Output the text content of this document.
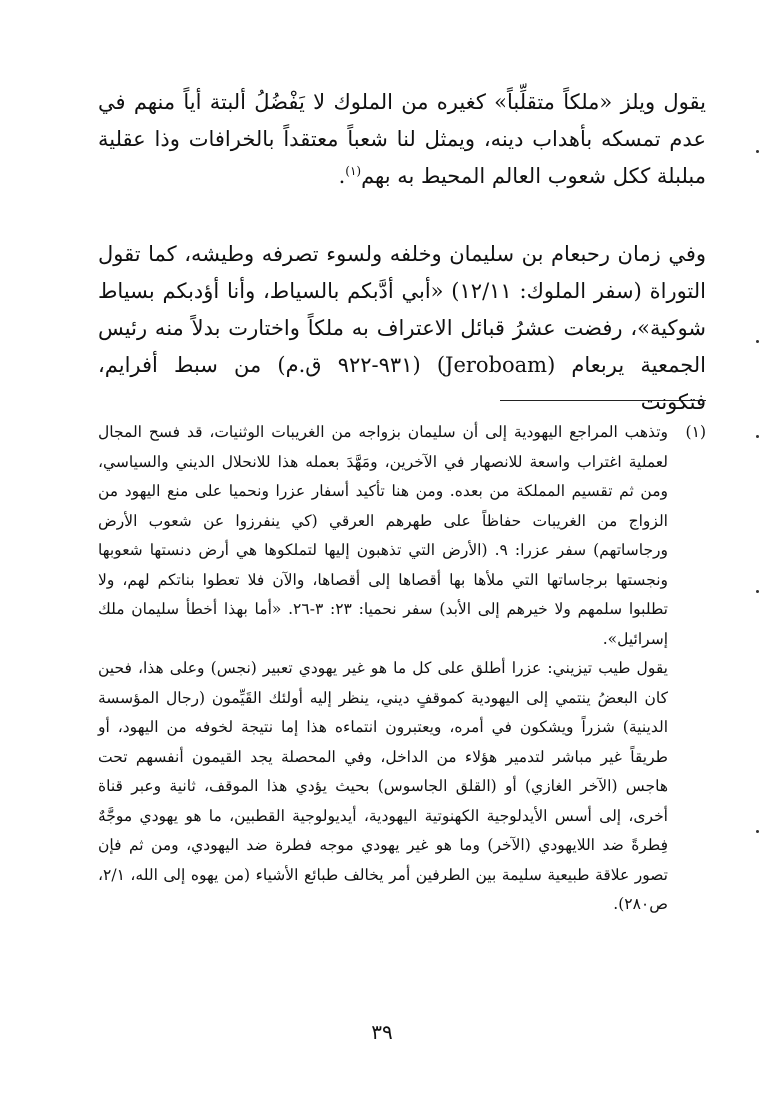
يقول ويلز «ملكاً متقلِّباً» كغيره من الملوك لا يَفْضُلُ ألبتة أياً منهم في عدم تمسكه بأهداب دينه، ويمثل لنا شعباً معتقداً بالخرافات وذا عقلية مبلبلة ككل شعوب العالم المحيط به بهم$^{(١)}$.

وفي زمان رحبعام بن سليمان وخلفه ولسوء تصرفه وطيشه، كما تقول التوراة (سفر الملوك: ١٢/١١) «أبي أدَّبكم بالسياط، وأنا أؤدبكم بسياط شوكية»، رفضت عشرُ قبائل الاعتراف به ملكاً واختارت بدلاً منه رئيس الجمعية يربعام (Jeroboam) (٩٣١-٩٢٢ ق.م) من سبط أفرايم، فتكونت

(١)

وتذهب المراجع اليهودية إلى أن سليمان بزواجه من الغريبات الوثنيات، قد فسح المجال لعملية اغتراب واسعة للانصهار في الآخرين، ومَهَّدَ بعمله هذا للانحلال الديني والسياسي، ومن ثم تقسيم المملكة من بعده. ومن هنا تأكيد أسفار عزرا ونحميا على منع اليهود من الزواج من الغريبات حفاظاً على طهرهم العرقي (كي ينفرزوا عن شعوب الأرض ورجاساتهم) سفر عزرا: ٩. (الأرض التي تذهبون إليها لتملكوها هي أرض دنستها شعوبها ونجستها برجاساتها التي ملأها بها أقصاها إلى أقصاها، والآن فلا تعطوا بناتكم لهم، ولا تطلبوا سلمهم ولا خيرهم إلى الأبد) سفر نحميا: ٢٣: ٣-٢٦. «أما بهذا أخطأ سليمان ملك إسرائيل».

يقول طيب تيزيني: عزرا أطلق على كل ما هو غير يهودي تعبير (نجس) وعلى هذا، فحين كان البعضُ ينتمي إلى اليهودية كموقفٍ ديني، ينظر إليه أولئك القَيِّمون (رجال المؤسسة الدينية) شزراً ويشكون في أمره، ويعتبرون انتماءه هذا إما نتيجة لخوفه من اليهود، أو طريقاً غير مباشر لتدمير هؤلاء من الداخل، وفي المحصلة يجد القيمون أنفسهم تحت هاجس (الآخر الغازي) أو (القلق الجاسوس) بحيث يؤدي هذا الموقف، ثانية وعبر قناة أخرى، إلى أسس الأيدلوجية الكهنوتية اليهودية، أيديولوجية القطبين، ما هو يهودي موجَّهٌ فِطرةً ضد اللايهودي (الآخر) وما هو غير يهودي موجه فطرة ضد اليهودي، ومن ثم فإن تصور علاقة طبيعية سليمة بين الطرفين أمر يخالف طبائع الأشياء (من يهوه إلى الله، ٢/١، ص٢٨٠).

٣٩
